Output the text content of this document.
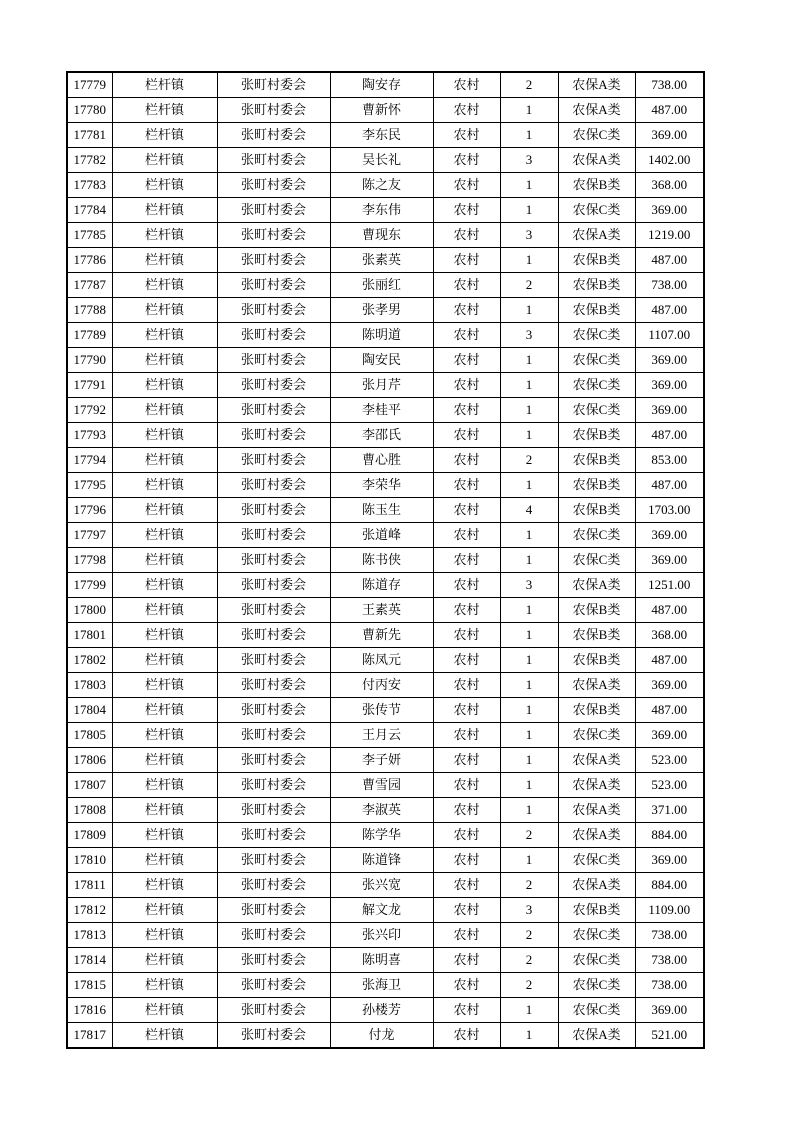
17779	栏杆镇	张町村委会	陶安存	农村	2	农保A类	738.00
17780	栏杆镇	张町村委会	曹新怀	农村	1	农保A类	487.00
17781	栏杆镇	张町村委会	李东民	农村	1	农保C类	369.00
17782	栏杆镇	张町村委会	吴长礼	农村	3	农保A类	1402.00
17783	栏杆镇	张町村委会	陈之友	农村	1	农保B类	368.00
17784	栏杆镇	张町村委会	李东伟	农村	1	农保C类	369.00
17785	栏杆镇	张町村委会	曹现东	农村	3	农保A类	1219.00
17786	栏杆镇	张町村委会	张素英	农村	1	农保B类	487.00
17787	栏杆镇	张町村委会	张丽红	农村	2	农保B类	738.00
17788	栏杆镇	张町村委会	张孝男	农村	1	农保B类	487.00
17789	栏杆镇	张町村委会	陈明道	农村	3	农保C类	1107.00
17790	栏杆镇	张町村委会	陶安民	农村	1	农保C类	369.00
17791	栏杆镇	张町村委会	张月芹	农村	1	农保C类	369.00
17792	栏杆镇	张町村委会	李桂平	农村	1	农保C类	369.00
17793	栏杆镇	张町村委会	李邵氏	农村	1	农保B类	487.00
17794	栏杆镇	张町村委会	曹心胜	农村	2	农保B类	853.00
17795	栏杆镇	张町村委会	李荣华	农村	1	农保B类	487.00
17796	栏杆镇	张町村委会	陈玉生	农村	4	农保B类	1703.00
17797	栏杆镇	张町村委会	张道峰	农村	1	农保C类	369.00
17798	栏杆镇	张町村委会	陈书侠	农村	1	农保C类	369.00
17799	栏杆镇	张町村委会	陈道存	农村	3	农保A类	1251.00
17800	栏杆镇	张町村委会	王素英	农村	1	农保B类	487.00
17801	栏杆镇	张町村委会	曹新先	农村	1	农保B类	368.00
17802	栏杆镇	张町村委会	陈凤元	农村	1	农保B类	487.00
17803	栏杆镇	张町村委会	付丙安	农村	1	农保A类	369.00
17804	栏杆镇	张町村委会	张传节	农村	1	农保B类	487.00
17805	栏杆镇	张町村委会	王月云	农村	1	农保C类	369.00
17806	栏杆镇	张町村委会	李子妍	农村	1	农保A类	523.00
17807	栏杆镇	张町村委会	曹雪园	农村	1	农保A类	523.00
17808	栏杆镇	张町村委会	李淑英	农村	1	农保A类	371.00
17809	栏杆镇	张町村委会	陈学华	农村	2	农保A类	884.00
17810	栏杆镇	张町村委会	陈道锋	农村	1	农保C类	369.00
17811	栏杆镇	张町村委会	张兴宽	农村	2	农保A类	884.00
17812	栏杆镇	张町村委会	解文龙	农村	3	农保B类	1109.00
17813	栏杆镇	张町村委会	张兴印	农村	2	农保C类	738.00
17814	栏杆镇	张町村委会	陈明喜	农村	2	农保C类	738.00
17815	栏杆镇	张町村委会	张海卫	农村	2	农保C类	738.00
17816	栏杆镇	张町村委会	孙楼芳	农村	1	农保C类	369.00
17817	栏杆镇	张町村委会	付龙	农村	1	农保A类	521.00
